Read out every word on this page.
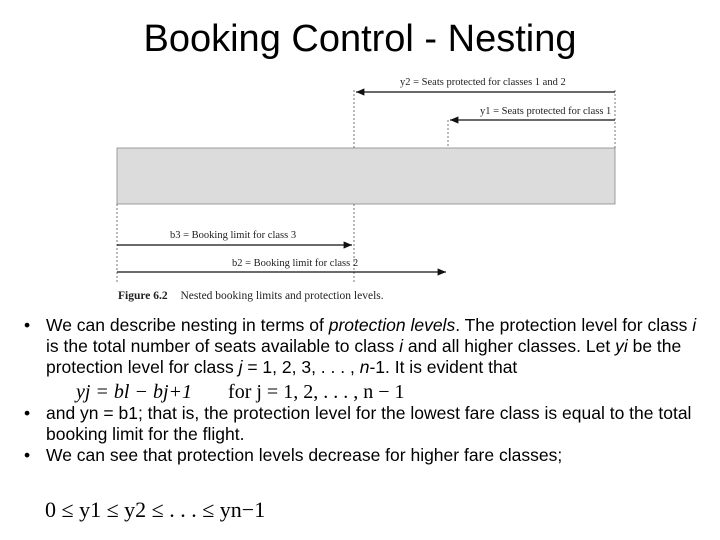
Booking Control - Nesting
y2 = Seats protected for classes 1 and 2
y1 = Seats protected for class 1
b3 = Booking limit for class 3
b2 = Booking limit for class 2
Figure 6.2 Nested booking limits and protection levels.
• We can describe nesting in terms of protection levels. The protection level for class i is the total number of seats available to class i and all higher classes. Let yi be the protection level for class j = 1, 2, 3, . . . , n-1. It is evident that yj = bl − bj+1 for j = 1, 2, . . . , n − 1
• and yn = b1; that is, the protection level for the lowest fare class is equal to the total booking limit for the flight.
• We can see that protection levels decrease for higher fare classes;
0 ≤ y1 ≤ y2 ≤ . . . ≤ yn−1
